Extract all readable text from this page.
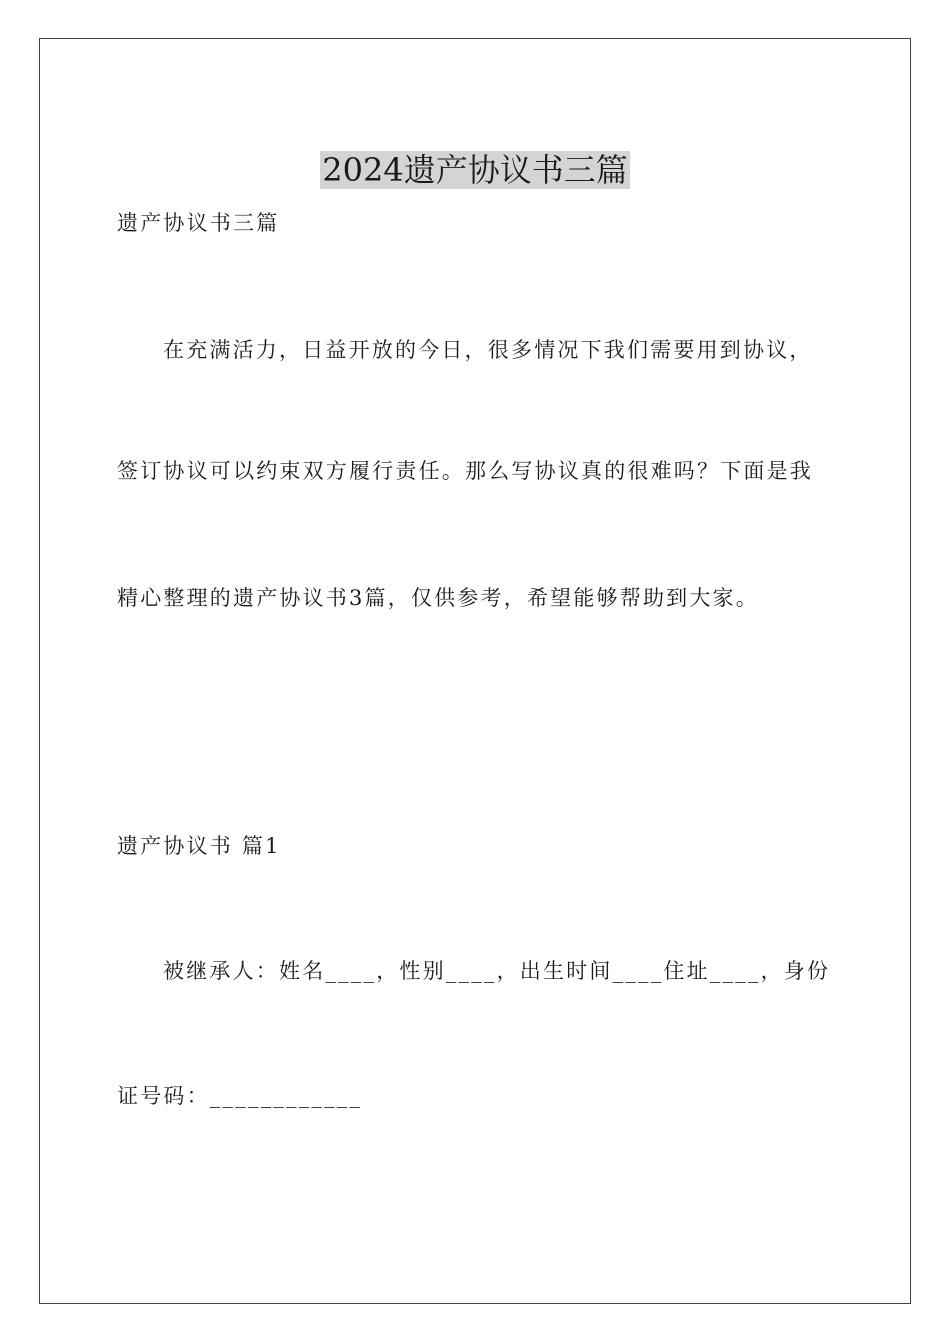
2024遗产协议书三篇
遗产协议书三篇
在充满活力，日益开放的今日，很多情况下我们需要用到协议，
签订协议可以约束双方履行责任。那么写协议真的很难吗？下面是我
精心整理的遗产协议书3篇，仅供参考，希望能够帮助到大家。
遗产协议书 篇1
被继承人：姓名____，性别____，出生时间____住址____，身份
证号码：____________
